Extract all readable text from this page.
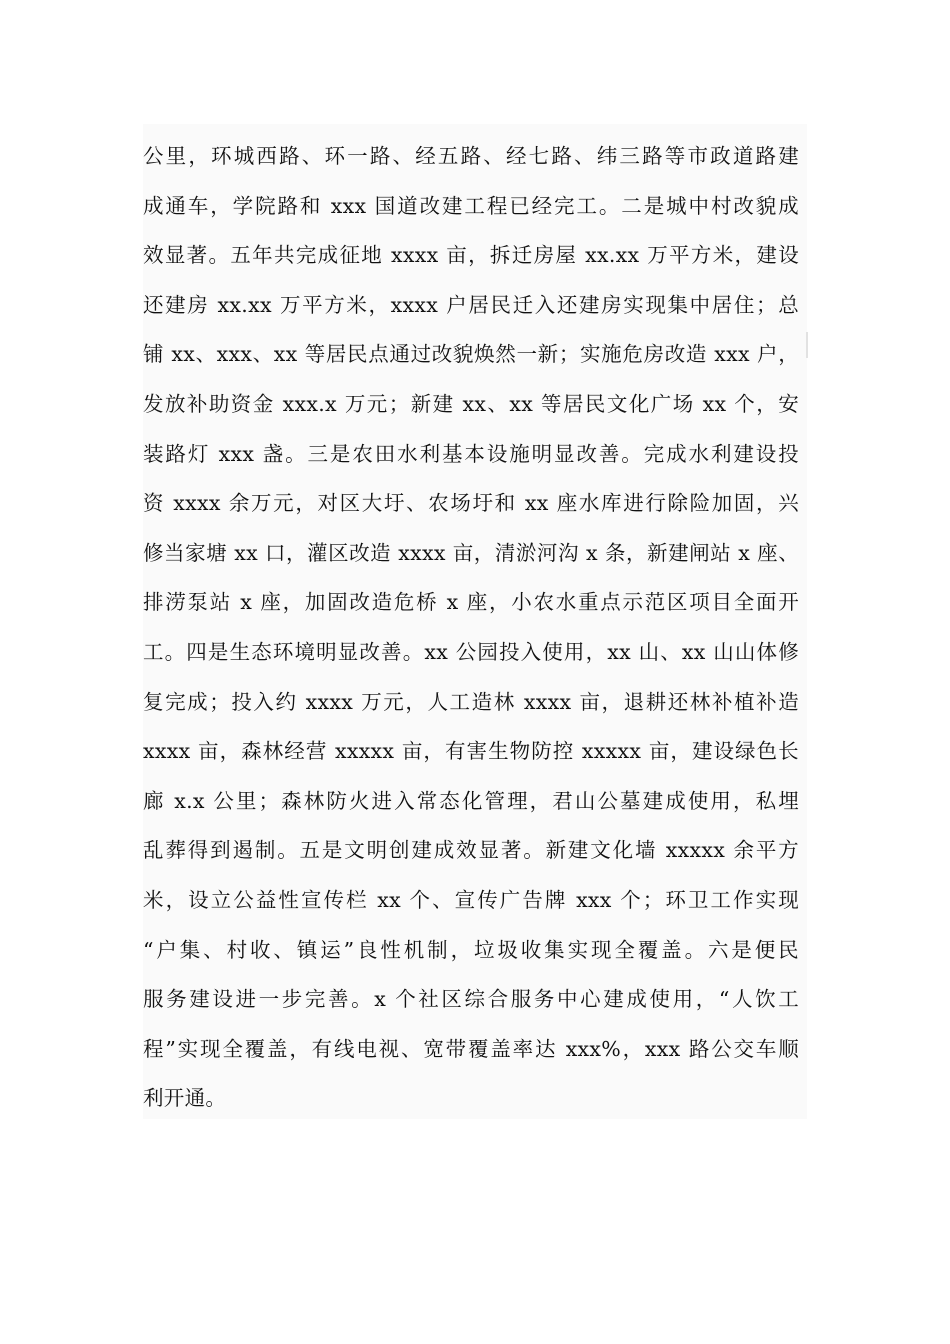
公里，环城西路、环一路、经五路、经七路、纬三路等市政道路建
成通车，学院路和 xxx 国道改建工程已经完工。二是城中村改貌成
效显著。五年共完成征地 xxxx 亩，拆迁房屋 xx.xx 万平方米，建设
还建房 xx.xx 万平方米，xxxx 户居民迁入还建房实现集中居住；总
铺 xx、xxx、xx 等居民点通过改貌焕然一新；实施危房改造 xxx 户，
发放补助资金 xxx.x 万元；新建 xx、xx 等居民文化广场 xx 个，安
装路灯 xxx 盏。三是农田水利基本设施明显改善。完成水利建设投
资 xxxx 余万元，对区大圩、农场圩和 xx 座水库进行除险加固，兴
修当家塘 xx 口，灌区改造 xxxx 亩，清淤河沟 x 条，新建闸站 x 座、
排涝泵站 x 座，加固改造危桥 x 座，小农水重点示范区项目全面开
工。四是生态环境明显改善。xx 公园投入使用，xx 山、xx 山山体修
复完成；投入约 xxxx 万元，人工造林 xxxx 亩，退耕还林补植补造
xxxx 亩，森林经营 xxxxx 亩，有害生物防控 xxxxx 亩，建设绿色长
廊 x.x 公里；森林防火进入常态化管理，君山公墓建成使用，私埋
乱葬得到遏制。五是文明创建成效显著。新建文化墙 xxxxx 余平方
米，设立公益性宣传栏 xx 个、宣传广告牌 xxx 个；环卫工作实现
“户集、村收、镇运”良性机制，垃圾收集实现全覆盖。六是便民
服务建设进一步完善。x 个社区综合服务中心建成使用，“人饮工
程”实现全覆盖，有线电视、宽带覆盖率达 xxx%，xxx 路公交车顺
利开通。
